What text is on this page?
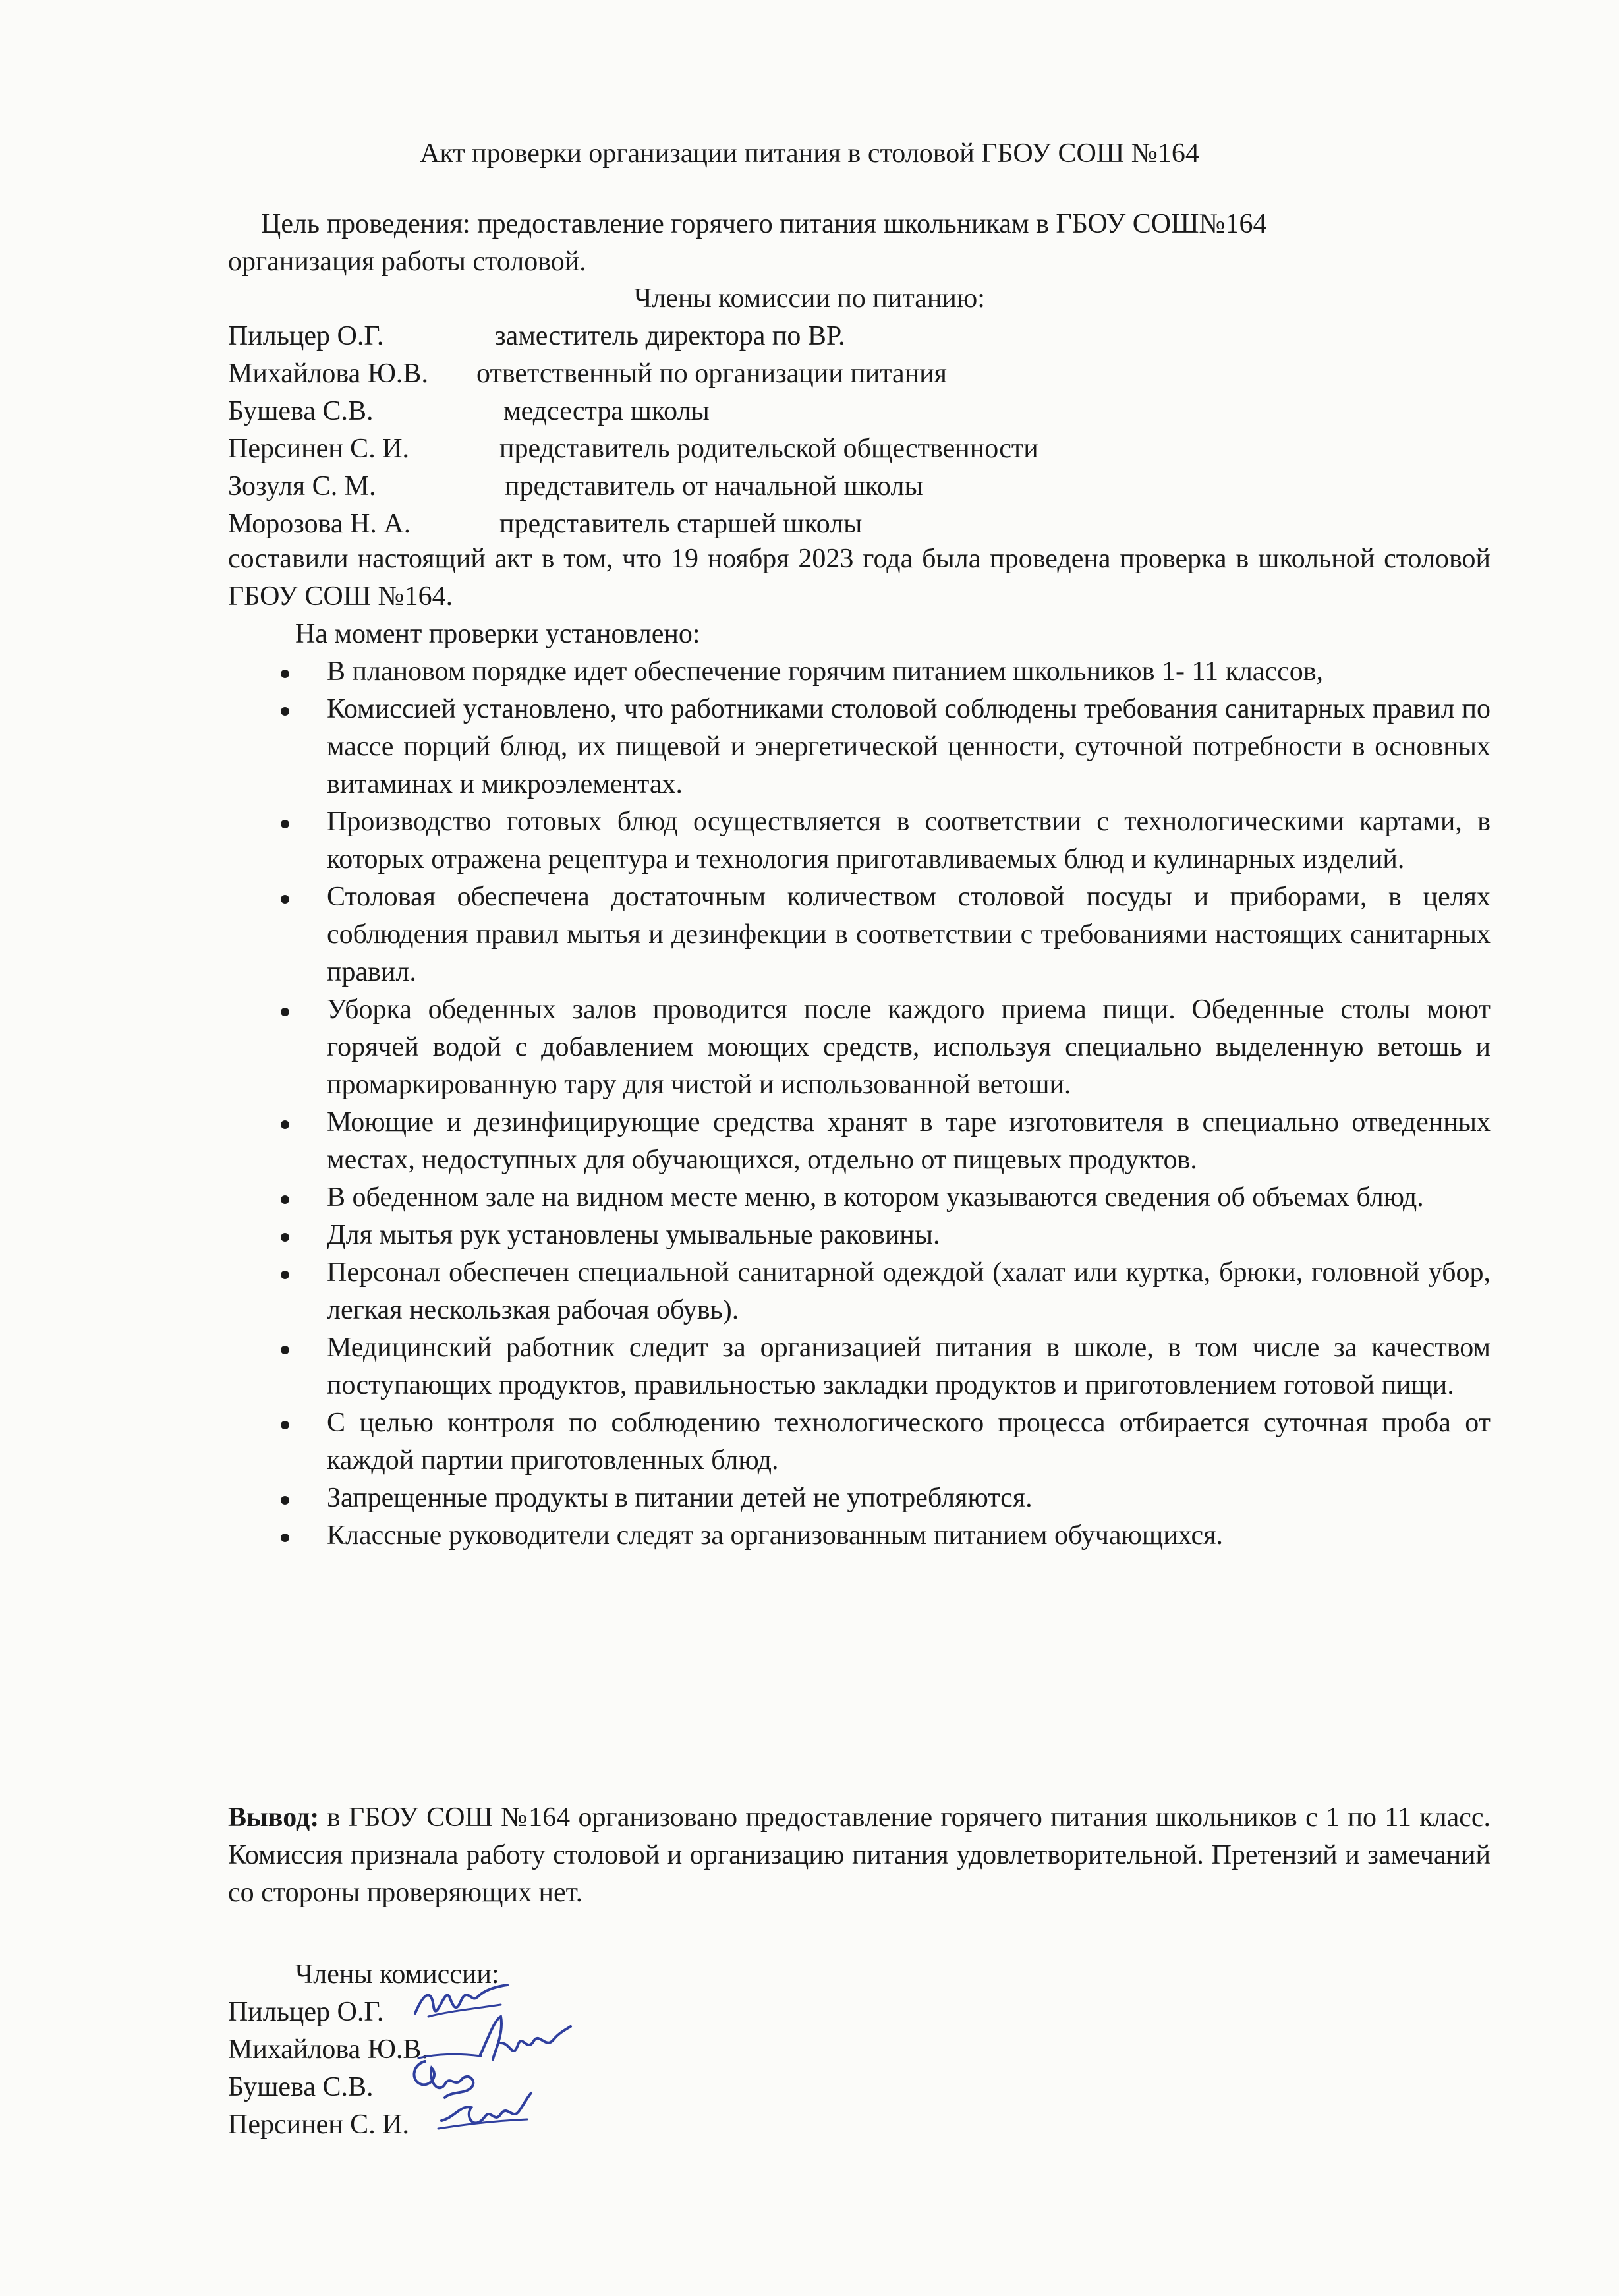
Акт проверки организации питания в столовой ГБОУ СОШ №164
Цель проведения: предоставление горячего питания школьникам в ГБОУ СОШ№164
организация работы столовой.
Члены комиссии по питанию:
Пильцер О.Г.	заместитель директора по ВР.
Михайлова Ю.В. ответственный по организации питания
Бушева С.В.	медсестра школы
Персинен С. И.	представитель родительской общественности
Зозуля С. М.	представитель от начальной школы
Морозова Н. А.	представитель старшей школы
составили настоящий акт в том, что 19 ноября 2023 года была проведена проверка в школьной столовой ГБОУ СОШ №164.
На момент проверки установлено:
В плановом порядке идет обеспечение горячим питанием школьников 1- 11 классов,
Комиссией установлено, что работниками столовой соблюдены требования санитарных правил по массе порций блюд, их пищевой и энергетической ценности, суточной потребности в основных витаминах и микроэлементах.
Производство готовых блюд осуществляется в соответствии с технологическими картами, в которых отражена рецептура и технология приготавливаемых блюд и кулинарных изделий.
Столовая обеспечена достаточным количеством столовой посуды и приборами, в целях соблюдения правил мытья и дезинфекции в соответствии с требованиями настоящих санитарных правил.
Уборка обеденных залов проводится после каждого приема пищи. Обеденные столы моют горячей водой с добавлением моющих средств, используя специально выделенную ветошь и промаркированную тару для чистой и использованной ветоши.
Моющие и дезинфицирующие средства хранят в таре изготовителя в специально отведенных местах, недоступных для обучающихся, отдельно от пищевых продуктов.
В обеденном зале на видном месте меню, в котором указываются сведения об объемах блюд.
Для мытья рук установлены умывальные раковины.
Персонал обеспечен специальной санитарной одеждой (халат или куртка, брюки, головной убор, легкая нескользкая рабочая обувь).
Медицинский работник следит за организацией питания в школе, в том числе за качеством поступающих продуктов, правильностью закладки продуктов и приготовлением готовой пищи.
С целью контроля по соблюдению технологического процесса отбирается суточная проба от каждой партии приготовленных блюд.
Запрещенные продукты в питании детей не употребляются.
Классные руководители следят за организованным питанием обучающихся.
Вывод: в ГБОУ СОШ №164 организовано предоставление горячего питания школьников с 1 по 11 класс. Комиссия признала работу столовой и организацию питания удовлетворительной. Претензий и замечаний со стороны проверяющих нет.
Члены комиссии:
Пильцер О.Г.
Михайлова Ю.В.
Бушева С.В.
Персинен С. И.
